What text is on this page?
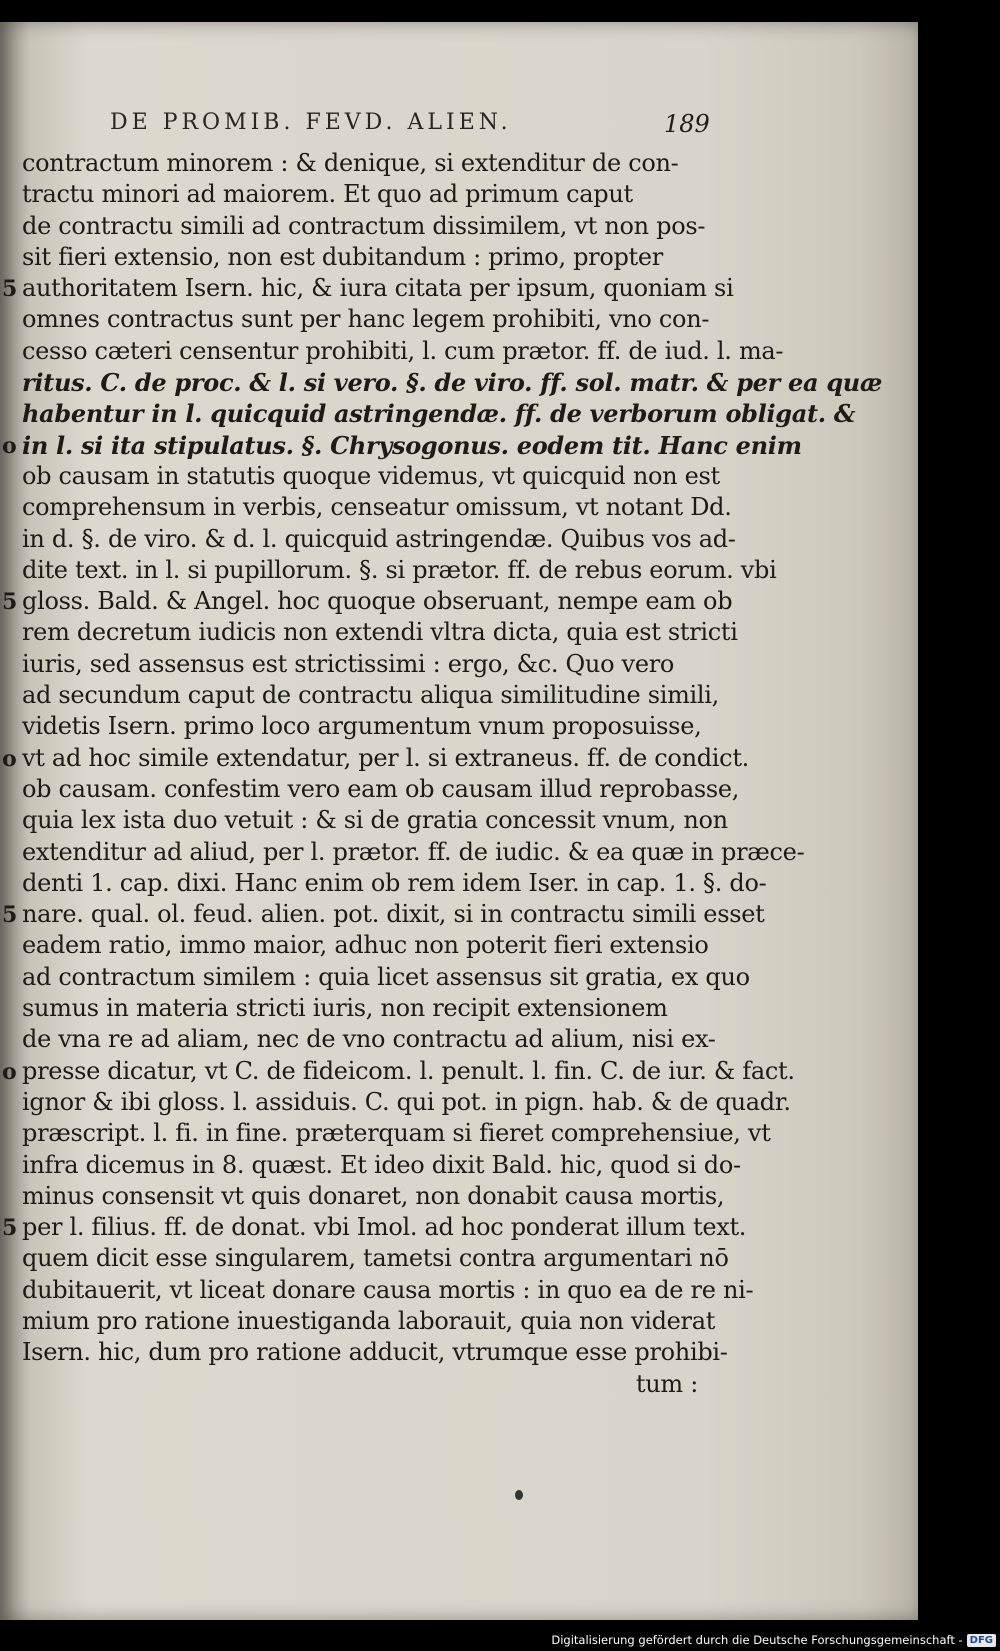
DE PROMIB. FEVD. ALIEN.	189
contractum minorem : & denique, si extenditur de con-
tractu minori ad maiorem. Et quo ad primum caput
de contractu simili ad contractum dissimilem, vt non pos-
sit fieri extensio, non est dubitandum : primo, propter
authoritatem Isern. hic, & iura citata per ipsum, quoniam si
omnes contractus sunt per hanc legem prohibiti, vno con-
cesso cæteri censentur prohibiti, l. cum prætor. ff. de iud. l. ma-
ritus. C. de proc. & l. si vero. §. de viro. ff. sol. matr. & per ea quæ
habentur in l. quicquid astringendæ. ff. de verborum obligat. &
in l. si ita stipulatus. §. Chrysogonus. eodem tit. Hanc enim
ob causam in statutis quoque videmus, vt quicquid non est
comprehensum in verbis, censeatur omissum, vt notant Dd.
in d. §. de viro. & d. l. quicquid astringendæ. Quibus vos ad-
dite text. in l. si pupillorum. §. si prætor. ff. de rebus eorum. vbi
gloss. Bald. & Angel. hoc quoque obseruant, nempe eam ob
rem decretum iudicis non extendi vltra dicta, quia est stricti
iuris, sed assensus est strictissimi : ergo, &c. Quo vero
ad secundum caput de contractu aliqua similitudine simili,
videtis Isern. primo loco argumentum vnum proposuisse,
vt ad hoc simile extendatur, per l. si extraneus. ff. de condict.
ob causam. confestim vero eam ob causam illud reprobasse,
quia lex ista duo vetuit : & si de gratia concessit vnum, non
extenditur ad aliud, per l. prætor. ff. de iudic. & ea quæ in præce-
denti 1. cap. dixi. Hanc enim ob rem idem Iser. in cap. 1. §. do-
nare. qual. ol. feud. alien. pot. dixit, si in contractu simili esset
eadem ratio, immo maior, adhuc non poterit fieri extensio
ad contractum similem : quia licet assensus sit gratia, ex quo
sumus in materia stricti iuris, non recipit extensionem
de vna re ad aliam, nec de vno contractu ad alium, nisi ex-
presse dicatur, vt C. de fideicom. l. penult. l. fin. C. de iur. & fact.
ignor & ibi gloss. l. assiduis. C. qui pot. in pign. hab. & de quadr.
præscript. l. fi. in fine. præterquam si fieret comprehensiue, vt
infra dicemus in 8. quæst. Et ideo dixit Bald. hic, quod si do-
minus consensit vt quis donaret, non donabit causa mortis,
per l. filius. ff. de donat. vbi Imol. ad hoc ponderat illum text.
quem dicit esse singularem, tametsi contra argumentari nō
dubitauerit, vt liceat donare causa mortis : in quo ea de re ni-
mium pro ratione inuestiganda laborauit, quia non viderat
Isern. hic, dum pro ratione adducit, vtrumque esse prohibi-
tum :
5
o
5
o
5
o
5
Digitalisierung gefördert durch die Deutsche Forschungsgemeinschaft - DFG
